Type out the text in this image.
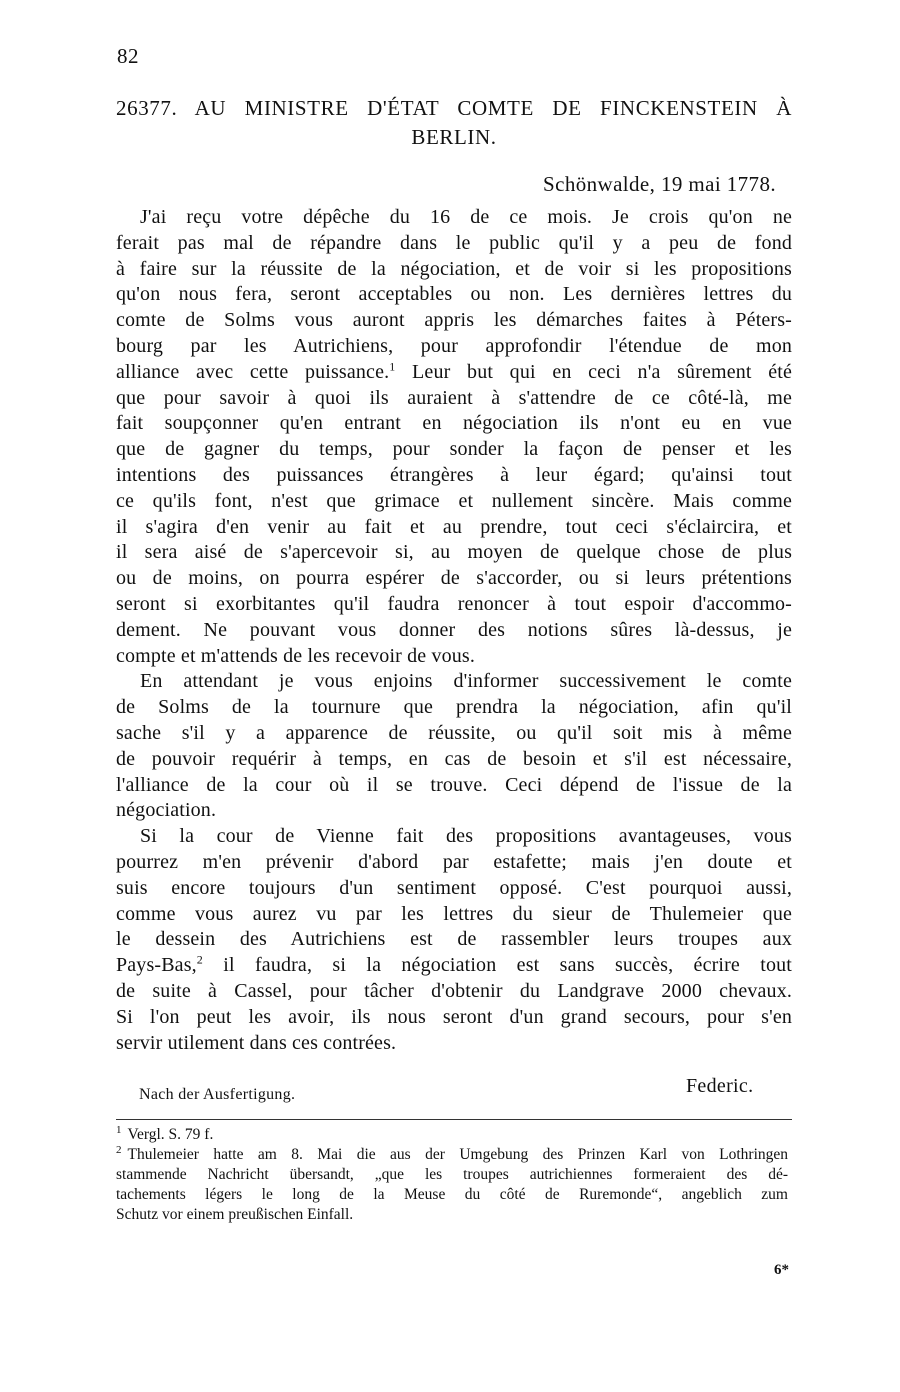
82
26377. AU MINISTRE D'ÉTAT COMTE DE FINCKENSTEIN À
BERLIN.
Schönwalde, 19 mai 1778.
J'ai reçu votre dépêche du 16 de ce mois. Je crois qu'on ne
ferait pas mal de répandre dans le public qu'il y a peu de fond
à faire sur la réussite de la négociation, et de voir si les propositions
qu'on nous fera, seront acceptables ou non. Les dernières lettres du
comte de Solms vous auront appris les démarches faites à Péters-
bourg par les Autrichiens, pour approfondir l'étendue de mon
alliance avec cette puissance.$^1$ Leur but qui en ceci n'a sûrement été
que pour savoir à quoi ils auraient à s'attendre de ce côté-là, me
fait soupçonner qu'en entrant en négociation ils n'ont eu en vue
que de gagner du temps, pour sonder la façon de penser et les
intentions des puissances étrangères à leur égard; qu'ainsi tout
ce qu'ils font, n'est que grimace et nullement sincère. Mais comme
il s'agira d'en venir au fait et au prendre, tout ceci s'éclaircira, et
il sera aisé de s'apercevoir si, au moyen de quelque chose de plus
ou de moins, on pourra espérer de s'accorder, ou si leurs prétentions
seront si exorbitantes qu'il faudra renoncer à tout espoir d'accommo-
dement. Ne pouvant vous donner des notions sûres là-dessus, je
compte et m'attends de les recevoir de vous.
En attendant je vous enjoins d'informer successivement le comte
de Solms de la tournure que prendra la négociation, afin qu'il
sache s'il y a apparence de réussite, ou qu'il soit mis à même
de pouvoir requérir à temps, en cas de besoin et s'il est nécessaire,
l'alliance de la cour où il se trouve. Ceci dépend de l'issue de la
négociation.
Si la cour de Vienne fait des propositions avantageuses, vous
pourrez m'en prévenir d'abord par estafette; mais j'en doute et
suis encore toujours d'un sentiment opposé. C'est pourquoi aussi,
comme vous aurez vu par les lettres du sieur de Thulemeier que
le dessein des Autrichiens est de rassembler leurs troupes aux
Pays-Bas,$^2$ il faudra, si la négociation est sans succès, écrire tout
de suite à Cassel, pour tâcher d'obtenir du Landgrave 2000 chevaux.
Si l'on peut les avoir, ils nous seront d'un grand secours, pour s'en
servir utilement dans ces contrées.
Federic.
Nach der Ausfertigung.
$^1$ Vergl. S. 79 f.
$^2$ Thulemeier hatte am 8. Mai die aus der Umgebung des Prinzen Karl von Lothringen
stammende Nachricht übersandt, „que les troupes autrichiennes formeraient des dé-
tachements légers le long de la Meuse du côté de Ruremonde“, angeblich zum
Schutz vor einem preußischen Einfall.
6*
